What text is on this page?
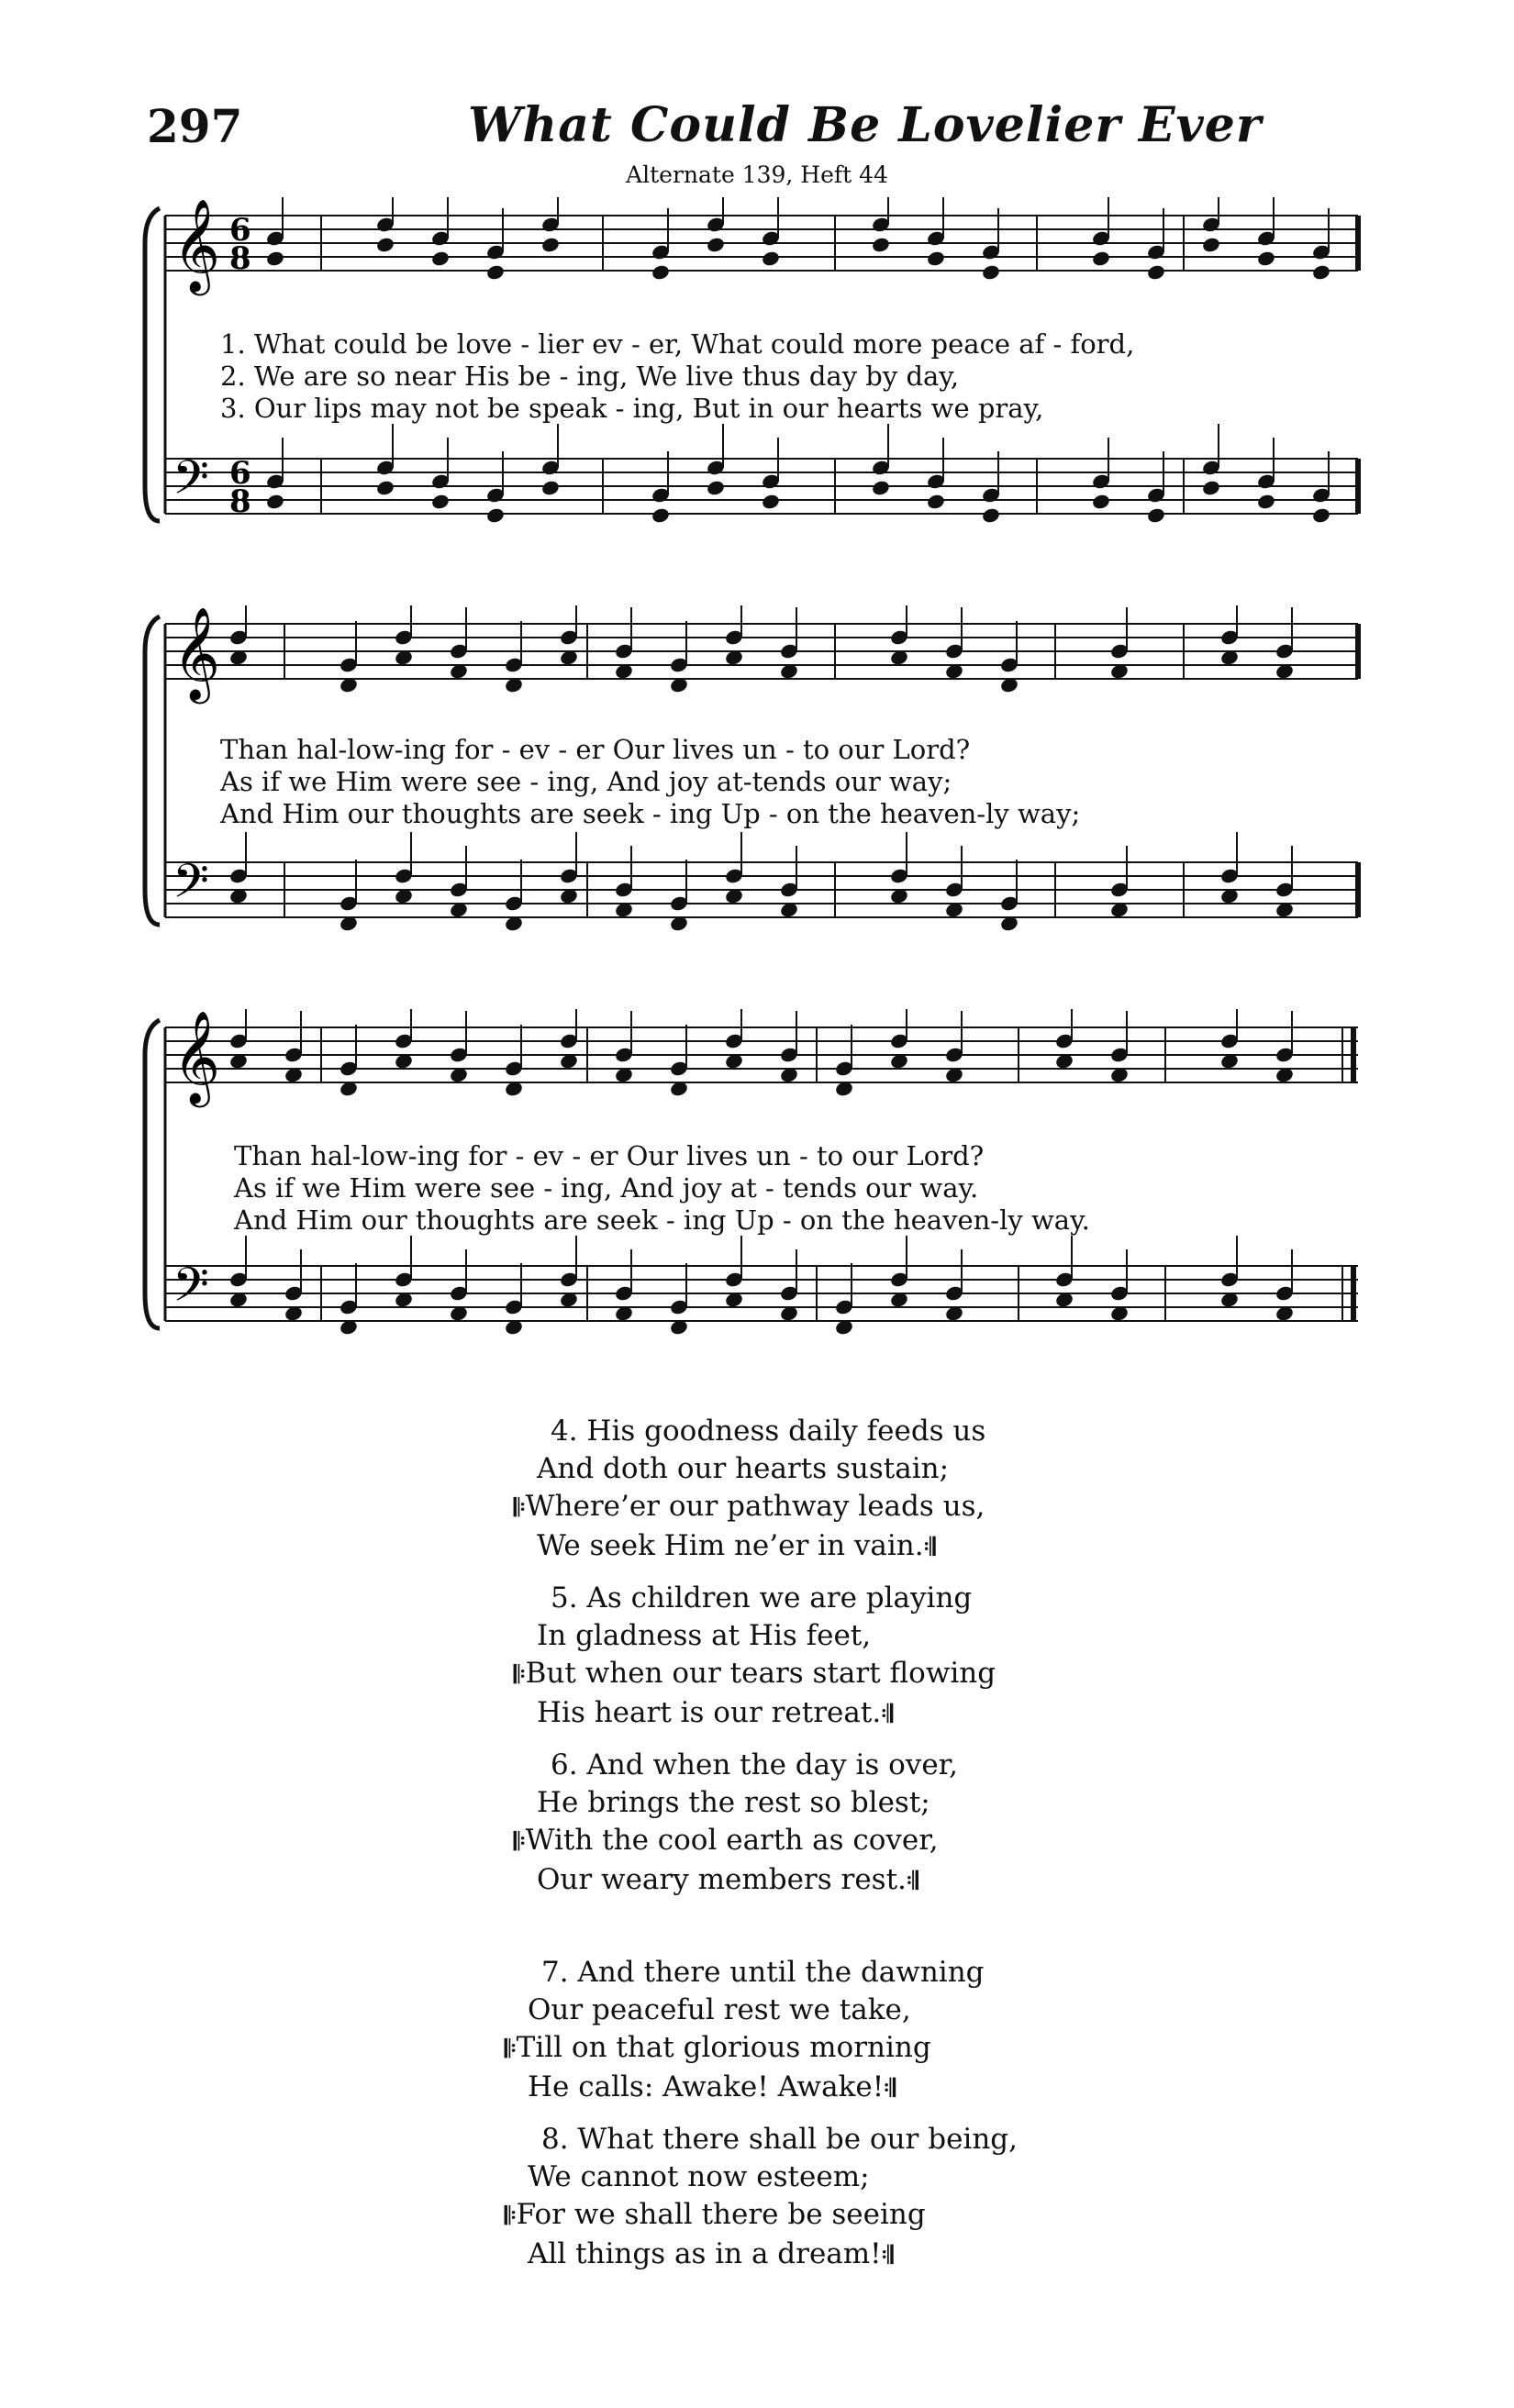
297	What Could Be Lovelier Ever
Alternate 139, Heft 44
𝄞 6
8
𝄢 6
8
1. What could be love - lier ev - er, What could more peace af - ford,
2. We are so near His be - ing, We live thus day by day,
3. Our lips may not be speak - ing, But in our hearts we pray,
𝄞
𝄢
Than hal-low-ing for - ev - er Our lives un - to our Lord?
As if we Him were see - ing, And joy at-tends our way;
And Him our thoughts are seek - ing Up - on the heaven-ly way;
𝄞
𝄢
Than hal-low-ing for - ev - er Our lives un - to our Lord?
As if we Him were see - ing, And joy at - tends our way.
And Him our thoughts are seek - ing Up - on the heaven-ly way.
4. His goodness daily feeds us
And doth our hearts sustain;
𝄆Where’er our pathway leads us,
We seek Him ne’er in vain.𝄇
5. As children we are playing
In gladness at His feet,
𝄆But when our tears start flowing
His heart is our retreat.𝄇
6. And when the day is over,
He brings the rest so blest;
𝄆With the cool earth as cover,
Our weary members rest.𝄇
7. And there until the dawning
Our peaceful rest we take,
𝄆Till on that glorious morning
He calls: Awake! Awake!𝄇
8. What there shall be our being,
We cannot now esteem;
𝄆For we shall there be seeing
All things as in a dream!𝄇
